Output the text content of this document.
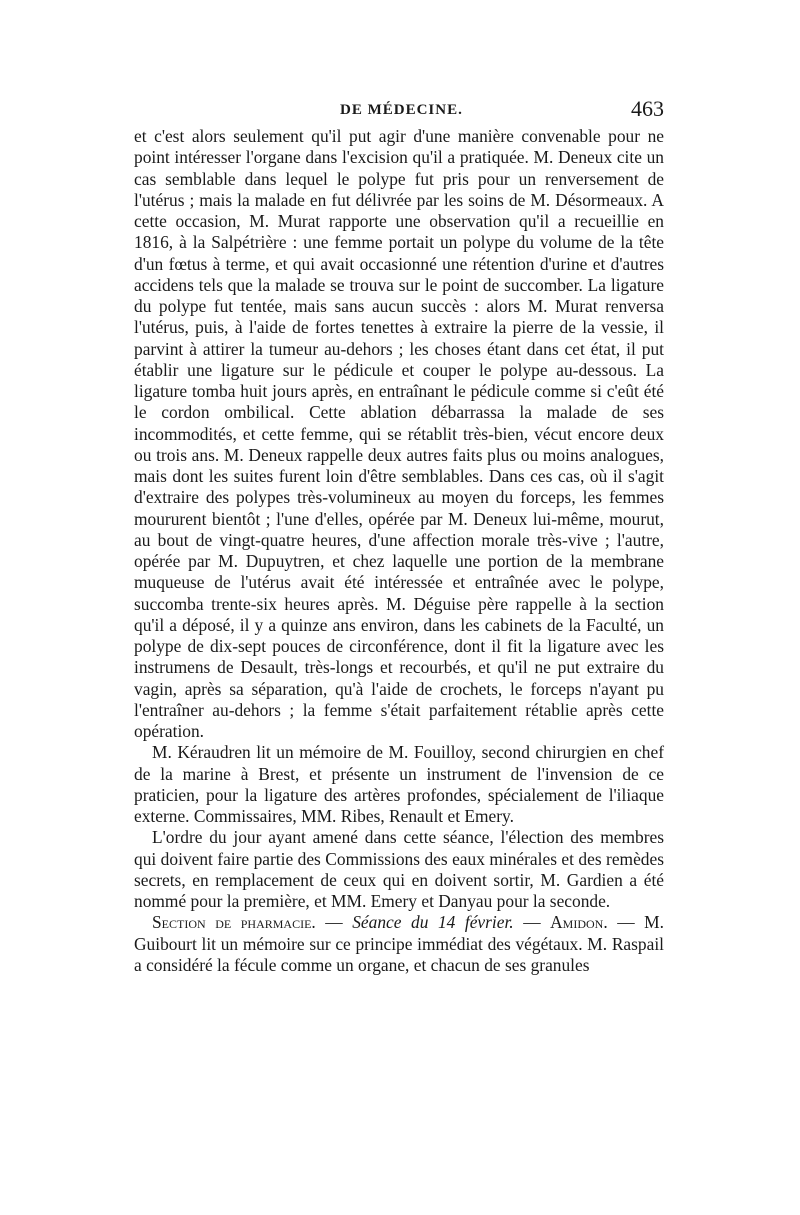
DE MÉDECINE.	463

et c'est alors seulement qu'il put agir d'une manière convenable pour ne point intéresser l'organe dans l'excision qu'il a pratiquée. M. Deneux cite un cas semblable dans lequel le polype fut pris pour un renversement de l'utérus ; mais la malade en fut délivrée par les soins de M. Désormeaux. A cette occasion, M. Murat rapporte une observation qu'il a recueillie en 1816, à la Salpétrière : une femme portait un polype du volume de la tête d'un fœtus à terme, et qui avait occasionné une rétention d'urine et d'autres accidens tels que la malade se trouva sur le point de succomber. La ligature du polype fut tentée, mais sans aucun succès : alors M. Murat renversa l'utérus, puis, à l'aide de fortes tenettes à extraire la pierre de la vessie, il parvint à attirer la tumeur au-dehors ; les choses étant dans cet état, il put établir une ligature sur le pédicule et couper le polype au-dessous. La ligature tomba huit jours après, en entraînant le pédicule comme si c'eût été le cordon ombilical. Cette ablation débarrassa la malade de ses incommodités, et cette femme, qui se rétablit très-bien, vécut encore deux ou trois ans. M. Deneux rappelle deux autres faits plus ou moins analogues, mais dont les suites furent loin d'être semblables. Dans ces cas, où il s'agit d'extraire des polypes très-volumineux au moyen du forceps, les femmes moururent bientôt ; l'une d'elles, opérée par M. Deneux lui-même, mourut, au bout de vingt-quatre heures, d'une affection morale très-vive ; l'autre, opérée par M. Dupuytren, et chez laquelle une portion de la membrane muqueuse de l'utérus avait été intéressée et entraînée avec le polype, succomba trente-six heures après. M. Déguise père rappelle à la section qu'il a déposé, il y a quinze ans environ, dans les cabinets de la Faculté, un polype de dix-sept pouces de circonférence, dont il fit la ligature avec les instrumens de Desault, très-longs et recourbés, et qu'il ne put extraire du vagin, après sa séparation, qu'à l'aide de crochets, le forceps n'ayant pu l'entraîner au-dehors ; la femme s'était parfaitement rétablie après cette opération.

M. Kéraudren lit un mémoire de M. Fouilloy, second chirurgien en chef de la marine à Brest, et présente un instrument de l'invension de ce praticien, pour la ligature des artères profondes, spécialement de l'iliaque externe. Commissaires, MM. Ribes, Renault et Emery.

L'ordre du jour ayant amené dans cette séance, l'élection des membres qui doivent faire partie des Commissions des eaux minérales et des remèdes secrets, en remplacement de ceux qui en doivent sortir, M. Gardien a été nommé pour la première, et MM. Emery et Danyau pour la seconde.

Section de pharmacie. — Séance du 14 février. — Amidon. — M. Guibourt lit un mémoire sur ce principe immédiat des végétaux. M. Raspail a considéré la fécule comme un organe, et chacun de ses granules
